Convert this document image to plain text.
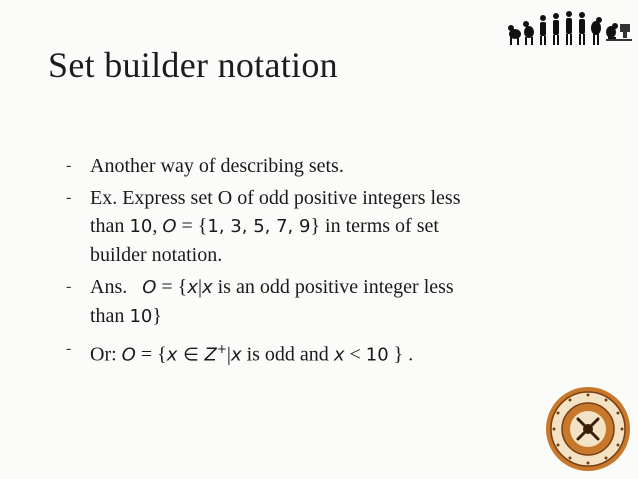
Set builder notation
- Another way of describing sets.
- Ex. Express set O of odd positive integers less
than 10, O = {1, 3, 5, 7, 9} in terms of set
builder notation.
- Ans. O = {x|x is an odd positive integer less
than 10}
- Or: O = {x ∈ Z+|x is odd and x < 10 } .
